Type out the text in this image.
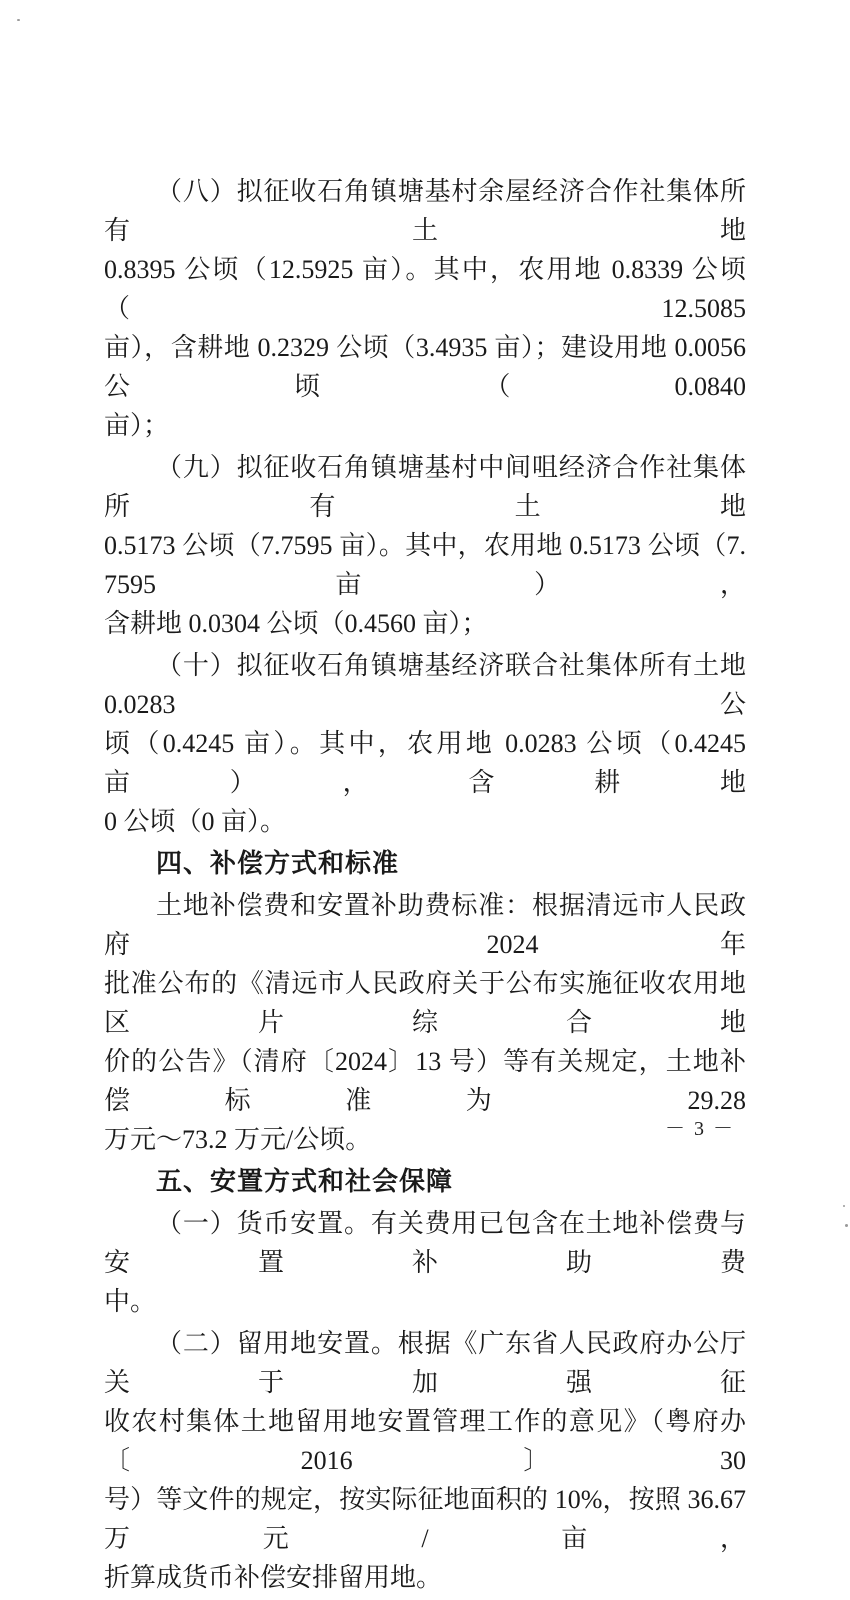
（八）拟征收石角镇塘基村余屋经济合作社集体所有土地
0.8395 公顷（12.5925 亩）。其中，农用地 0.8339 公顷（12.5085
亩），含耕地 0.2329 公顷（3.4935 亩）；建设用地 0.0056 公顷（0.0840
亩）；
（九）拟征收石角镇塘基村中间咀经济合作社集体所有土地
0.5173 公顷（7.7595 亩）。其中，农用地 0.5173 公顷（7.7595 亩），
含耕地 0.0304 公顷（0.4560 亩）；
（十）拟征收石角镇塘基经济联合社集体所有土地 0.0283 公
顷（0.4245 亩）。其中，农用地 0.0283 公顷（0.4245 亩），含耕地
0 公顷（0 亩）。
四、补偿方式和标准
土地补偿费和安置补助费标准：根据清远市人民政府 2024 年
批准公布的《清远市人民政府关于公布实施征收农用地区片综合地
价的公告》（清府〔2024〕13 号）等有关规定，土地补偿标准为 29.28
万元～73.2 万元/公顷。
五、安置方式和社会保障
（一）货币安置。有关费用已包含在土地补偿费与安置补助费
中。
（二）留用地安置。根据《广东省人民政府办公厅关于加强征
收农村集体土地留用地安置管理工作的意见》（粤府办〔2016〕30
号）等文件的规定，按实际征地面积的 10%，按照 36.67 万元/亩，
折算成货币补偿安排留用地。
－ 3 －
